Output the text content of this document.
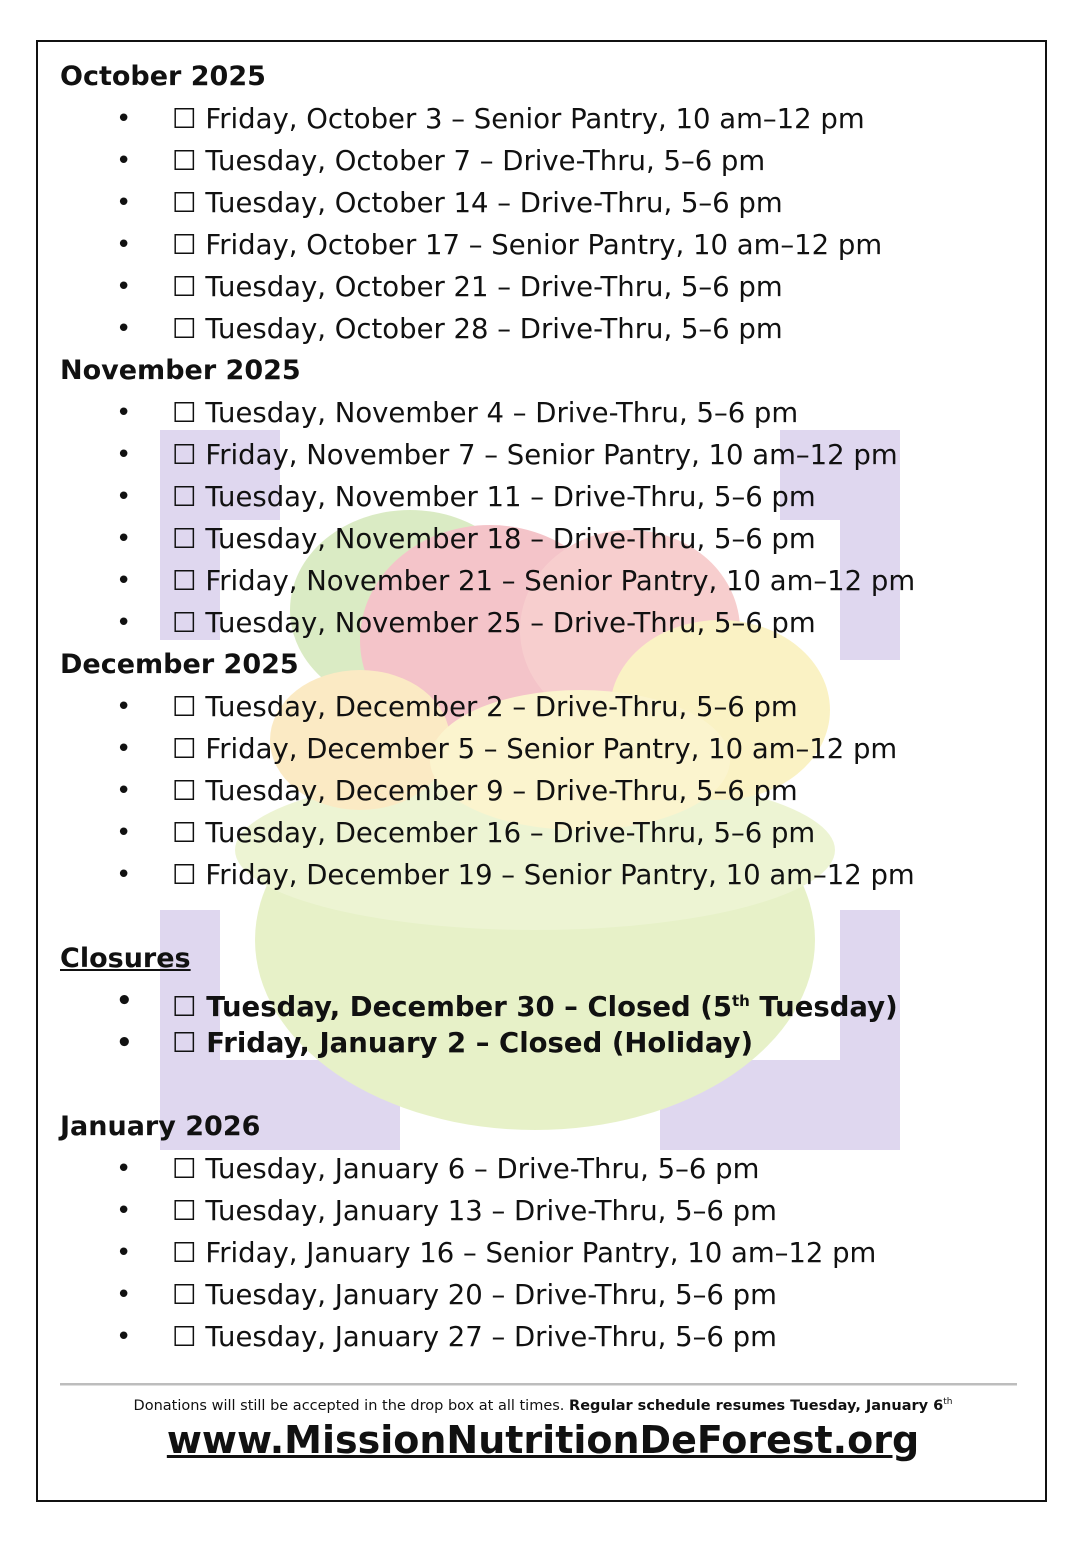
October 2025
• ☐ Friday, October 3 – Senior Pantry, 10 am–12 pm
• ☐ Tuesday, October 7 – Drive-Thru, 5–6 pm
• ☐ Tuesday, October 14 – Drive-Thru, 5–6 pm
• ☐ Friday, October 17 – Senior Pantry, 10 am–12 pm
• ☐ Tuesday, October 21 – Drive-Thru, 5–6 pm
• ☐ Tuesday, October 28 – Drive-Thru, 5–6 pm
November 2025
• ☐ Tuesday, November 4 – Drive-Thru, 5–6 pm
• ☐ Friday, November 7 – Senior Pantry, 10 am–12 pm
• ☐ Tuesday, November 11 – Drive-Thru, 5–6 pm
• ☐ Tuesday, November 18 – Drive-Thru, 5–6 pm
• ☐ Friday, November 21 – Senior Pantry, 10 am–12 pm
• ☐ Tuesday, November 25 – Drive-Thru, 5–6 pm
December 2025
• ☐ Tuesday, December 2 – Drive-Thru, 5–6 pm
• ☐ Friday, December 5 – Senior Pantry, 10 am–12 pm
• ☐ Tuesday, December 9 – Drive-Thru, 5–6 pm
• ☐ Tuesday, December 16 – Drive-Thru, 5–6 pm
• ☐ Friday, December 19 – Senior Pantry, 10 am–12 pm
Closures
• ☐ Tuesday, December 30 – Closed (5th Tuesday)
• ☐ Friday, January 2 – Closed (Holiday)
January 2026
• ☐ Tuesday, January 6 – Drive-Thru, 5–6 pm
• ☐ Tuesday, January 13 – Drive-Thru, 5–6 pm
• ☐ Friday, January 16 – Senior Pantry, 10 am–12 pm
• ☐ Tuesday, January 20 – Drive-Thru, 5–6 pm
• ☐ Tuesday, January 27 – Drive-Thru, 5–6 pm
Donations will still be accepted in the drop box at all times. Regular schedule resumes Tuesday, January 6th
www.MissionNutritionDeForest.org
